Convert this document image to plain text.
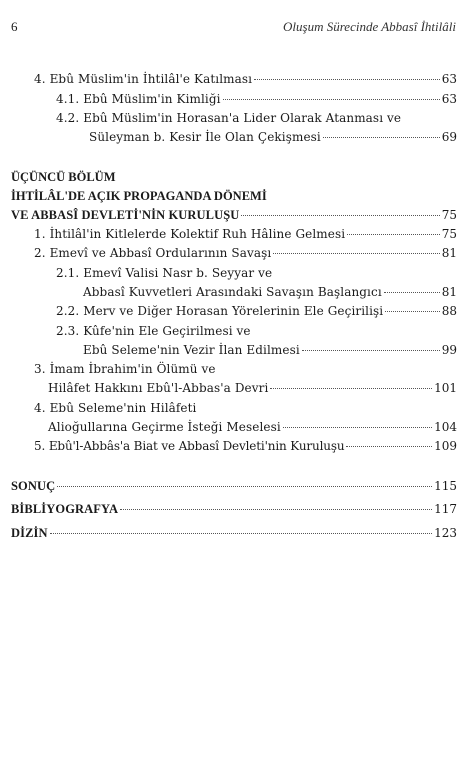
6	Oluşum Sürecinde Abbasî İhtilâli
4. Ebû Müslim'in İhtilâl'e Katılması	63
4.1. Ebû Müslim'in Kimliği	63
4.2. Ebû Müslim'in Horasan'a Lider Olarak Atanması ve
Süleyman b. Kesir İle Olan Çekişmesi	69
ÜÇÜNCÜ BÖLÜM
İHTİLÂL'DE AÇIK PROPAGANDA DÖNEMİ
VE ABBASÎ DEVLETİ'NİN KURULUŞU	75
1. İhtilâl'in Kitlelerde Kolektif Ruh Hâline Gelmesi	75
2. Emevî ve Abbasî Ordularının Savaşı	81
2.1. Emevî Valisi Nasr b. Seyyar ve
Abbasî Kuvvetleri Arasındaki Savaşın Başlangıcı	81
2.2. Merv ve Diğer Horasan Yörelerinin Ele Geçirilişi	88
2.3. Kûfe'nin Ele Geçirilmesi ve
Ebû Seleme'nin Vezir İlan Edilmesi	99
3. İmam İbrahim'in Ölümü ve
Hilâfet Hakkını Ebû'l-Abbas'a Devri	101
4. Ebû Seleme'nin Hilâfeti
Alioğullarına Geçirme İsteği Meselesi	104
5. Ebû'l-Abbâs'a Biat ve Abbasî Devleti'nin Kuruluşu	109
SONUÇ	115
BİBLİYOGRAFYA	117
DİZİN	123
